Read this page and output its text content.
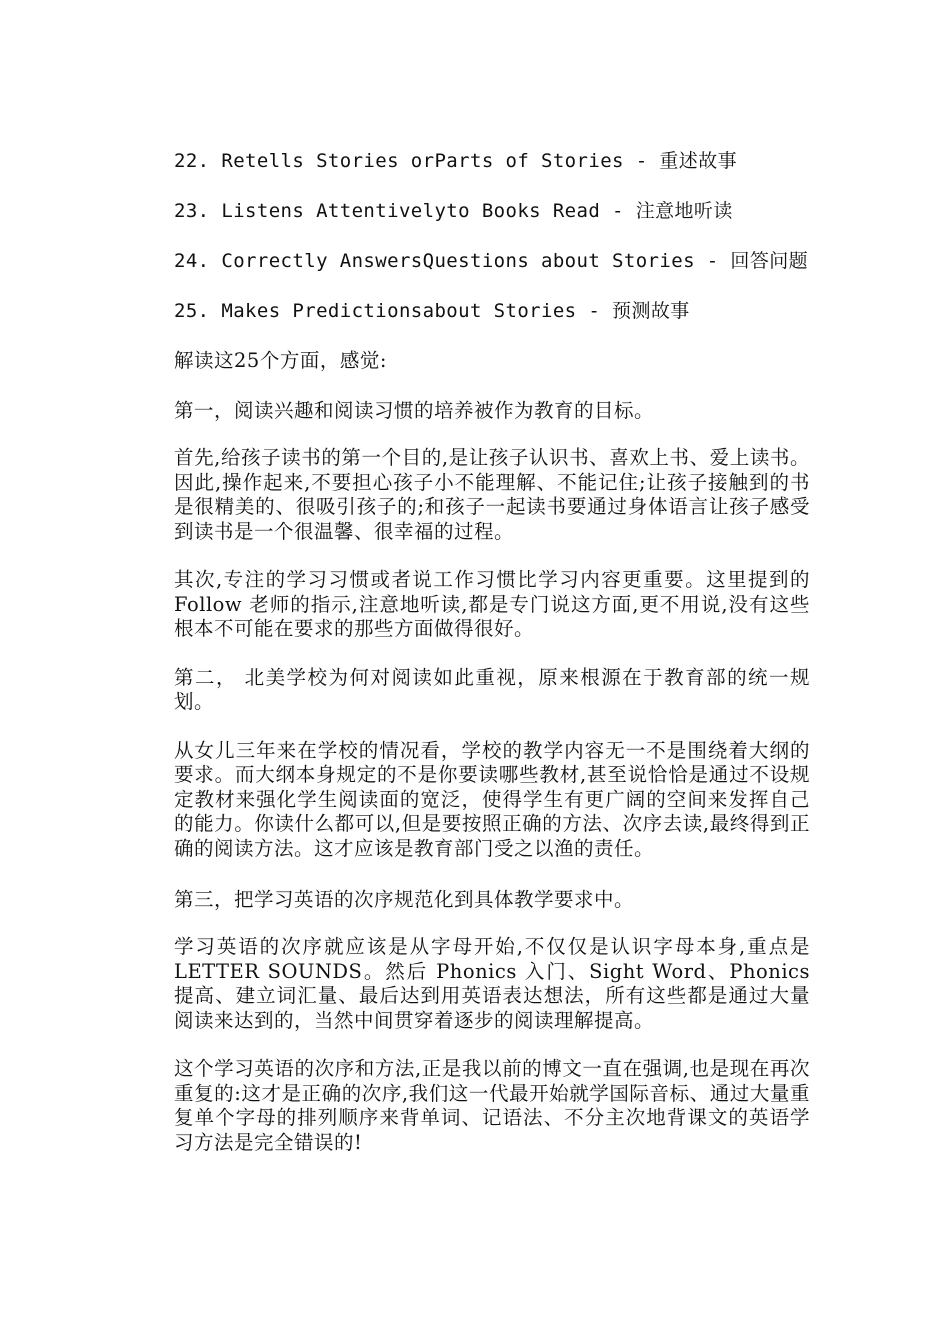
22. Retells Stories orParts of Stories - 重述故事
23. Listens Attentivelyto Books Read - 注意地听读
24. Correctly AnswersQuestions about Stories - 回答问题
25. Makes Predictionsabout Stories - 预测故事
解读这25个方面，感觉:
第一，阅读兴趣和阅读习惯的培养被作为教育的目标。

首先,给孩子读书的第一个目的,是让孩子认识书、喜欢上书、爱上读书。因此,操作起来,不要担心孩子小不能理解、不能记住;让孩子接触到的书是很精美的、很吸引孩子的;和孩子一起读书要通过身体语言让孩子感受到读书是一个很温馨、很幸福的过程。

其次,专注的学习习惯或者说工作习惯比学习内容更重要。这里提到的 Follow 老师的指示,注意地听读,都是专门说这方面,更不用说,没有这些根本不可能在要求的那些方面做得很好。

第二， 北美学校为何对阅读如此重视，原来根源在于教育部的统一规划。

从女儿三年来在学校的情况看，学校的教学内容无一不是围绕着大纲的要求。而大纲本身规定的不是你要读哪些教材,甚至说恰恰是通过不设规定教材来强化学生阅读面的宽泛，使得学生有更广阔的空间来发挥自己的能力。你读什么都可以,但是要按照正确的方法、次序去读,最终得到正确的阅读方法。这才应该是教育部门受之以渔的责任。

第三，把学习英语的次序规范化到具体教学要求中。

学习英语的次序就应该是从字母开始,不仅仅是认识字母本身,重点是 LETTER SOUNDS。然后 Phonics 入门、Sight Word、Phonics 提高、建立词汇量、最后达到用英语表达想法，所有这些都是通过大量阅读来达到的，当然中间贯穿着逐步的阅读理解提高。

这个学习英语的次序和方法,正是我以前的博文一直在强调,也是现在再次重复的:这才是正确的次序,我们这一代最开始就学国际音标、通过大量重复单个字母的排列顺序来背单词、记语法、不分主次地背课文的英语学习方法是完全错误的!
